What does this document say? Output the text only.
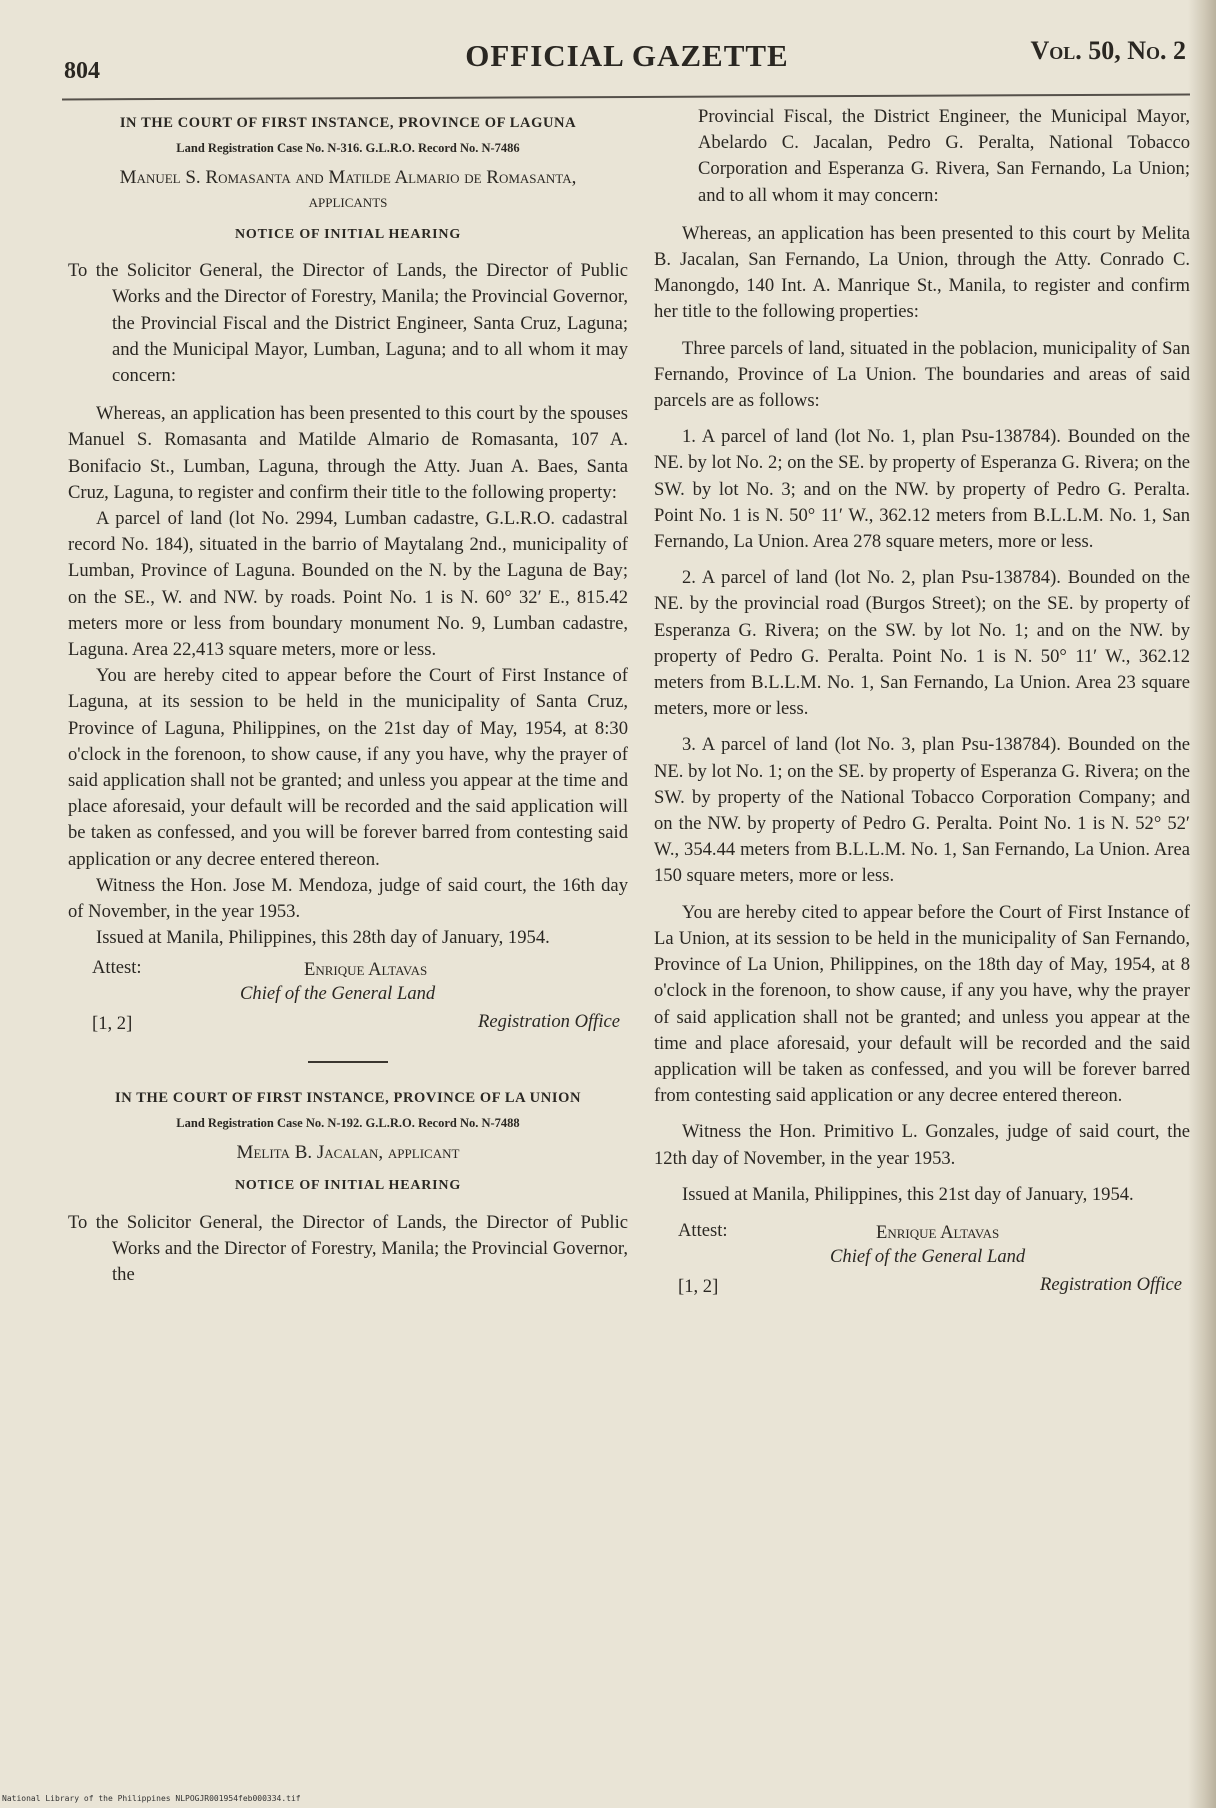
804	OFFICIAL GAZETTE	Vol. 50, No. 2
IN THE COURT OF FIRST INSTANCE, PROVINCE OF LAGUNA
Land Registration Case No. N-316. G.L.R.O. Record No. N-7486
Manuel S. Romasanta and Matilde Almario de Romasanta, applicants
NOTICE OF INITIAL HEARING

To the Solicitor General, the Director of Lands, the Director of Public Works and the Director of Forestry, Manila; the Provincial Governor, the Provincial Fiscal and the District Engineer, Santa Cruz, Laguna; and the Municipal Mayor, Lumban, Laguna; and to all whom it may concern:

Whereas, an application has been presented to this court by the spouses Manuel S. Romasanta and Matilde Almario de Romasanta, 107 A. Bonifacio St., Lumban, Laguna, through the Atty. Juan A. Baes, Santa Cruz, Laguna, to register and confirm their title to the following property:

A parcel of land (lot No. 2994, Lumban cadastre, G.L.R.O. cadastral record No. 184), situated in the barrio of Maytalang 2nd., municipality of Lumban, Province of Laguna. Bounded on the N. by the Laguna de Bay; on the SE., W. and NW. by roads. Point No. 1 is N. 60° 32′ E., 815.42 meters more or less from boundary monument No. 9, Lumban cadastre, Laguna. Area 22,413 square meters, more or less.

You are hereby cited to appear before the Court of First Instance of Laguna, at its session to be held in the municipality of Santa Cruz, Province of Laguna, Philippines, on the 21st day of May, 1954, at 8:30 o'clock in the forenoon, to show cause, if any you have, why the prayer of said application shall not be granted; and unless you appear at the time and place aforesaid, your default will be recorded and the said application will be taken as confessed, and you will be forever barred from contesting said application or any decree entered thereon.

Witness the Hon. Jose M. Mendoza, judge of said court, the 16th day of November, in the year 1953.

Issued at Manila, Philippines, this 28th day of January, 1954.

Attest:	Enrique Altavas
Chief of the General Land
[1, 2]	Registration Office
IN THE COURT OF FIRST INSTANCE, PROVINCE OF LA UNION
Land Registration Case No. N-192. G.L.R.O. Record No. N-7488
Melita B. Jacalan, applicant
NOTICE OF INITIAL HEARING

To the Solicitor General, the Director of Lands, the Director of Public Works and the Director of Forestry, Manila; the Provincial Governor, the

Provincial Fiscal, the District Engineer, the Municipal Mayor, Abelardo C. Jacalan, Pedro G. Peralta, National Tobacco Corporation and Esperanza G. Rivera, San Fernando, La Union; and to all whom it may concern:

Whereas, an application has been presented to this court by Melita B. Jacalan, San Fernando, La Union, through the Atty. Conrado C. Manongdo, 140 Int. A. Manrique St., Manila, to register and confirm her title to the following properties:

Three parcels of land, situated in the poblacion, municipality of San Fernando, Province of La Union. The boundaries and areas of said parcels are as follows:

1. A parcel of land (lot No. 1, plan Psu-138784). Bounded on the NE. by lot No. 2; on the SE. by property of Esperanza G. Rivera; on the SW. by lot No. 3; and on the NW. by property of Pedro G. Peralta. Point No. 1 is N. 50° 11′ W., 362.12 meters from B.L.L.M. No. 1, San Fernando, La Union. Area 278 square meters, more or less.

2. A parcel of land (lot No. 2, plan Psu-138784). Bounded on the NE. by the provincial road (Burgos Street); on the SE. by property of Esperanza G. Rivera; on the SW. by lot No. 1; and on the NW. by property of Pedro G. Peralta. Point No. 1 is N. 50° 11′ W., 362.12 meters from B.L.L.M. No. 1, San Fernando, La Union. Area 23 square meters, more or less.

3. A parcel of land (lot No. 3, plan Psu-138784). Bounded on the NE. by lot No. 1; on the SE. by property of Esperanza G. Rivera; on the SW. by property of the National Tobacco Corporation Company; and on the NW. by property of Pedro G. Peralta. Point No. 1 is N. 52° 52′ W., 354.44 meters from B.L.L.M. No. 1, San Fernando, La Union. Area 150 square meters, more or less.

You are hereby cited to appear before the Court of First Instance of La Union, at its session to be held in the municipality of San Fernando, Province of La Union, Philippines, on the 18th day of May, 1954, at 8 o'clock in the forenoon, to show cause, if any you have, why the prayer of said application shall not be granted; and unless you appear at the time and place aforesaid, your default will be recorded and the said application will be taken as confessed, and you will be forever barred from contesting said application or any decree entered thereon.

Witness the Hon. Primitivo L. Gonzales, judge of said court, the 12th day of November, in the year 1953.

Issued at Manila, Philippines, this 21st day of January, 1954.

Attest:	Enrique Altavas
Chief of the General Land
[1, 2]	Registration Office
National Library of the Philippines NLPOGJR001954feb000334.tif
